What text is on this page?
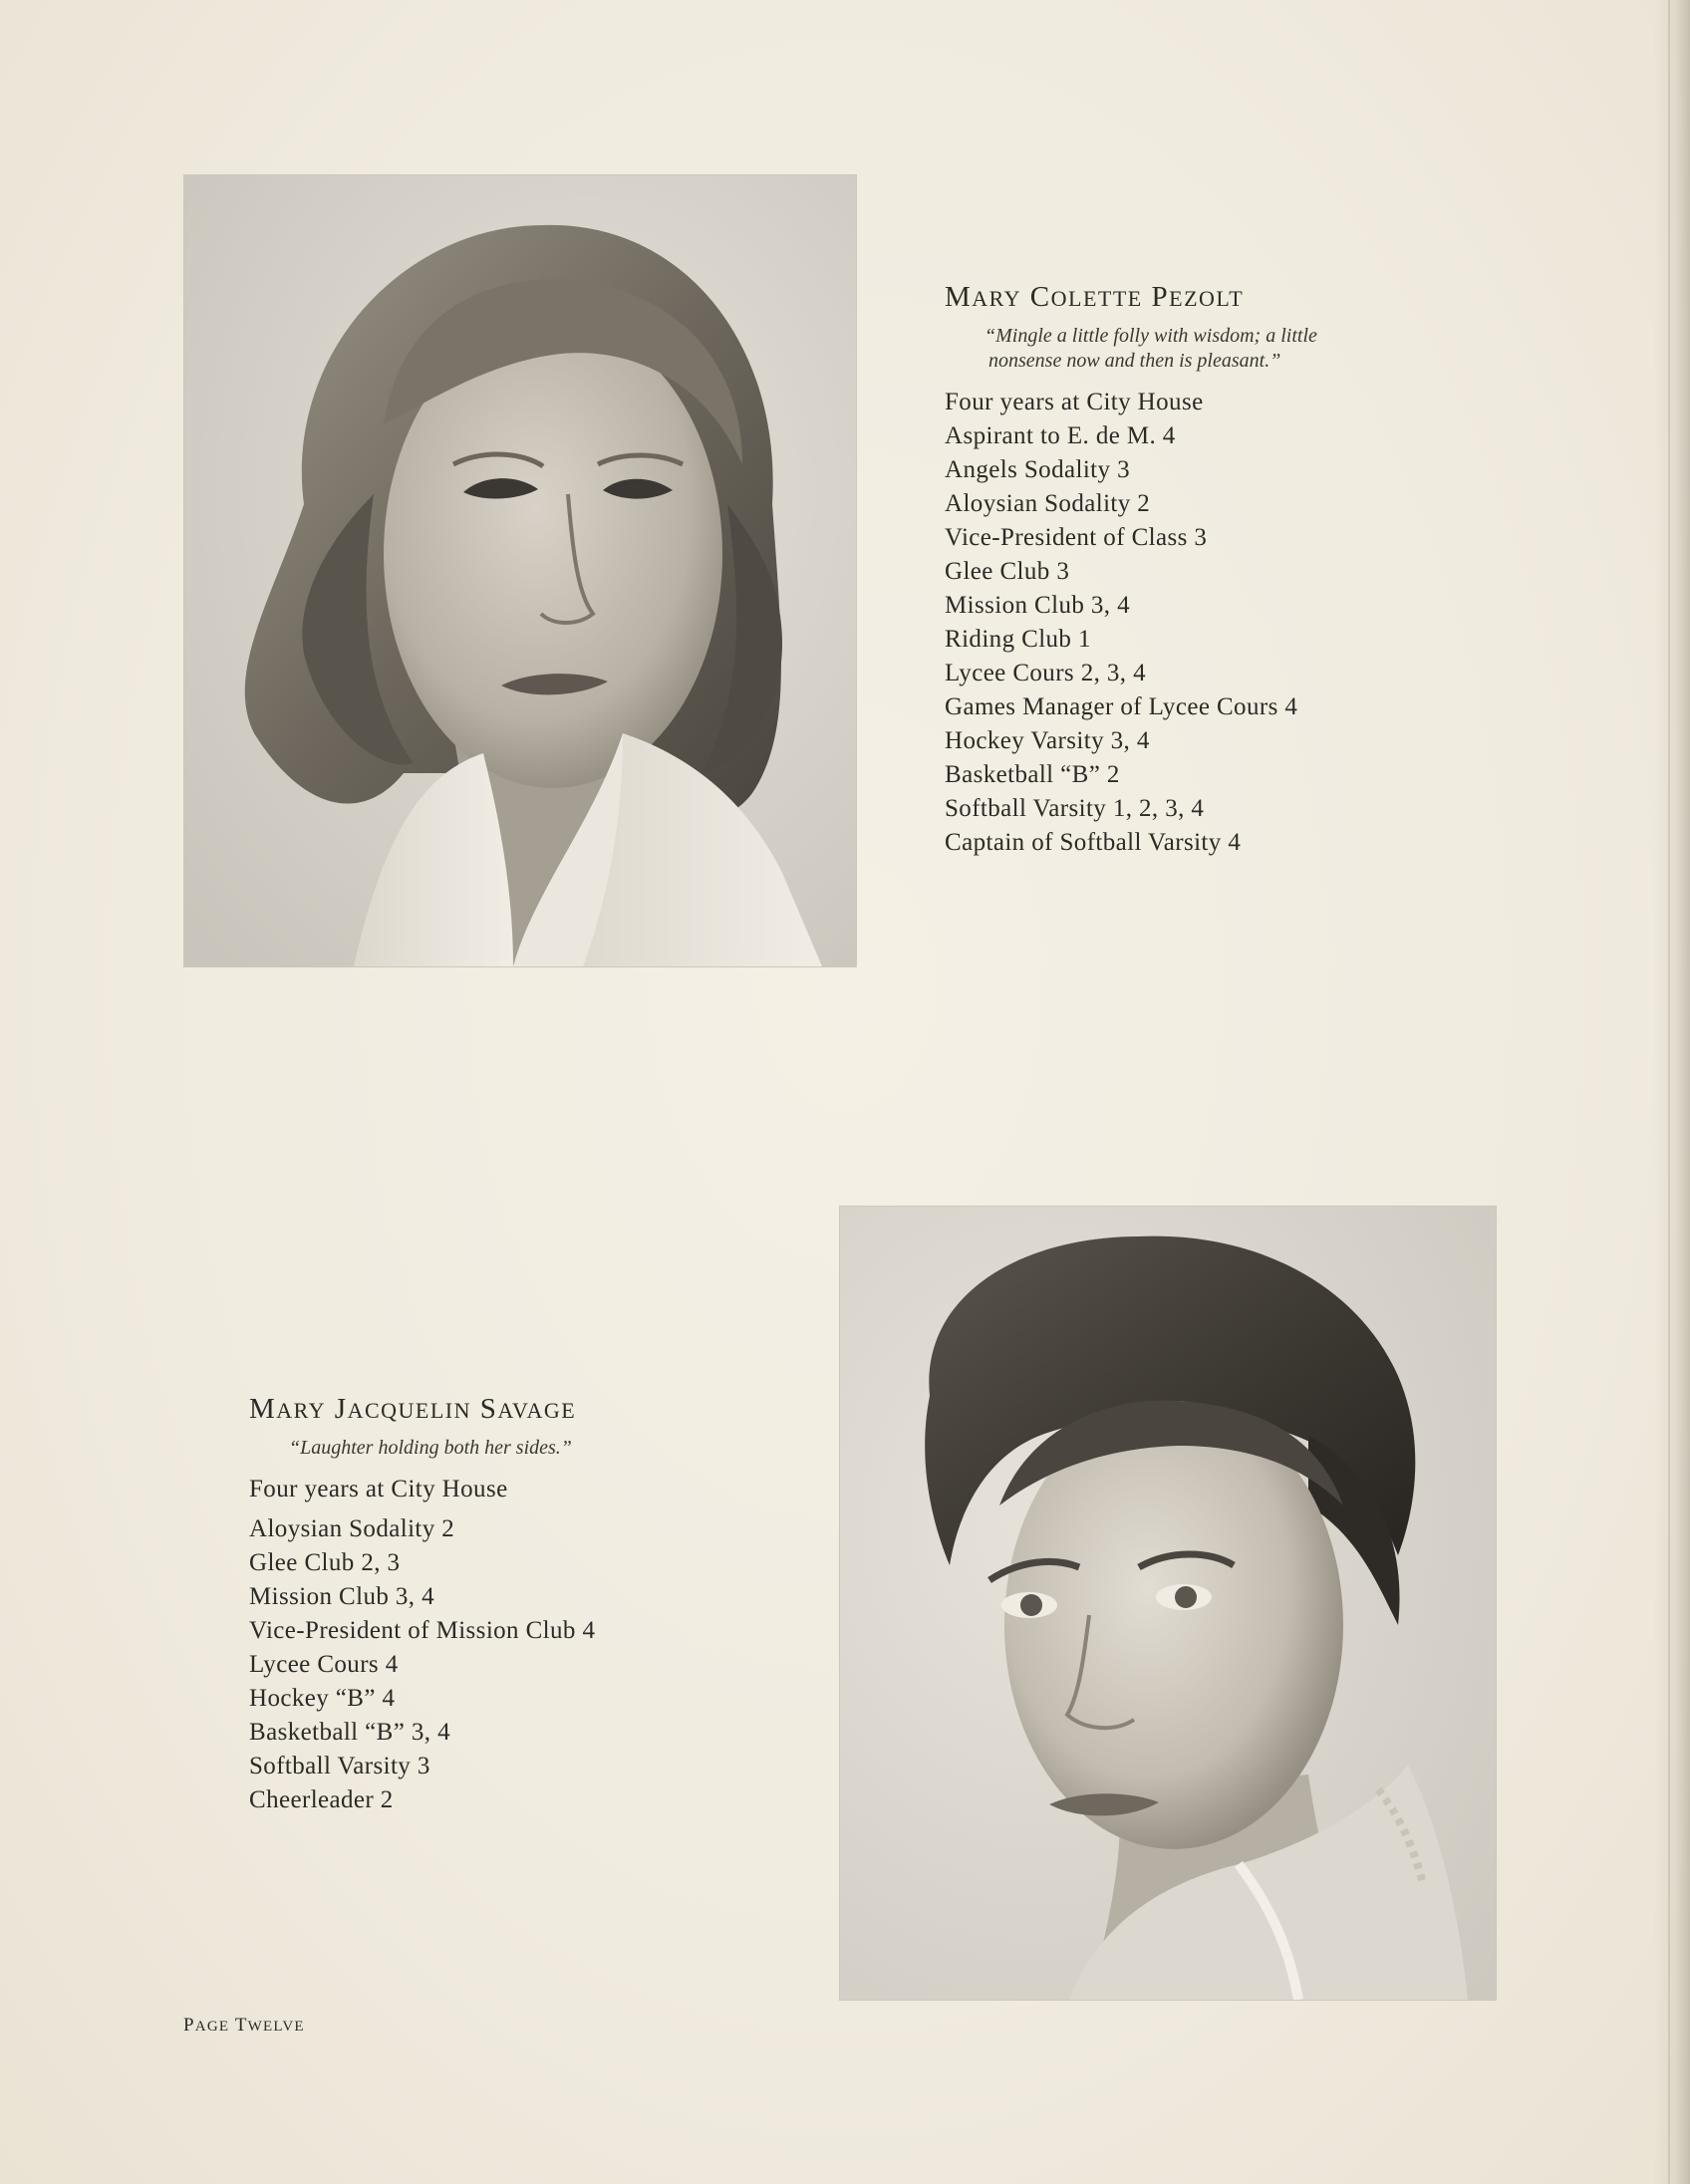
MARY COLETTE PEZOLT
“Mingle a little folly with wisdom; a little
nonsense now and then is pleasant.”
Four years at City House
Aspirant to E. de M. 4
Angels Sodality 3
Aloysian Sodality 2
Vice-President of Class 3
Glee Club 3
Mission Club 3, 4
Riding Club 1
Lycee Cours 2, 3, 4
Games Manager of Lycee Cours 4
Hockey Varsity 3, 4
Basketball “B” 2
Softball Varsity 1, 2, 3, 4
Captain of Softball Varsity 4
MARY JACQUELIN SAVAGE
“Laughter holding both her sides.”
Four years at City House
Aloysian Sodality 2
Glee Club 2, 3
Mission Club 3, 4
Vice-President of Mission Club 4
Lycee Cours 4
Hockey “B” 4
Basketball “B” 3, 4
Softball Varsity 3
Cheerleader 2
PAGE TWELVE
